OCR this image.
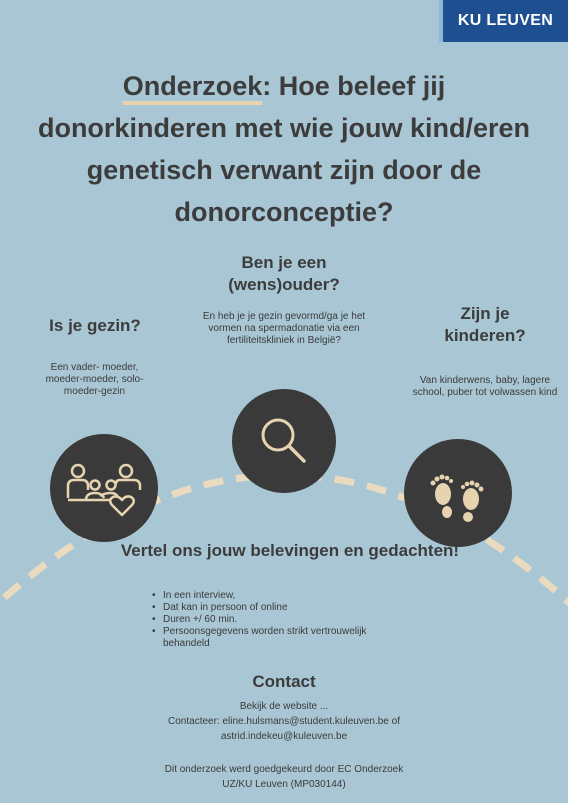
KU LEUVEN
Onderzoek: Hoe beleef jij
donorkinderen met wie jouw kind/eren
genetisch verwant zijn door de
donorconceptie?
Ben je een (wens)ouder?
En heb je je gezin gevormd/ga je het vormen na spermadonatie via een fertiliteitskliniek in België?
Is je gezin?
Een vader- moeder, moeder-moeder, solo-moeder-gezin
Zijn je kinderen?
Van kinderwens, baby, lagere school, puber tot volwassen kind
Vertel ons jouw belevingen en gedachten!
• In een interview,
• Dat kan in persoon of online
• Duren +/ 60 min.
• Persoonsgegevens worden strikt vertrouwelijk behandeld
Contact
Bekijk de website ...
Contacteer: eline.hulsmans@student.kuleuven.be of
astrid.indekeu@kuleuven.be
Dit onderzoek werd goedgekeurd door EC Onderzoek
UZ/KU Leuven (MP030144)
